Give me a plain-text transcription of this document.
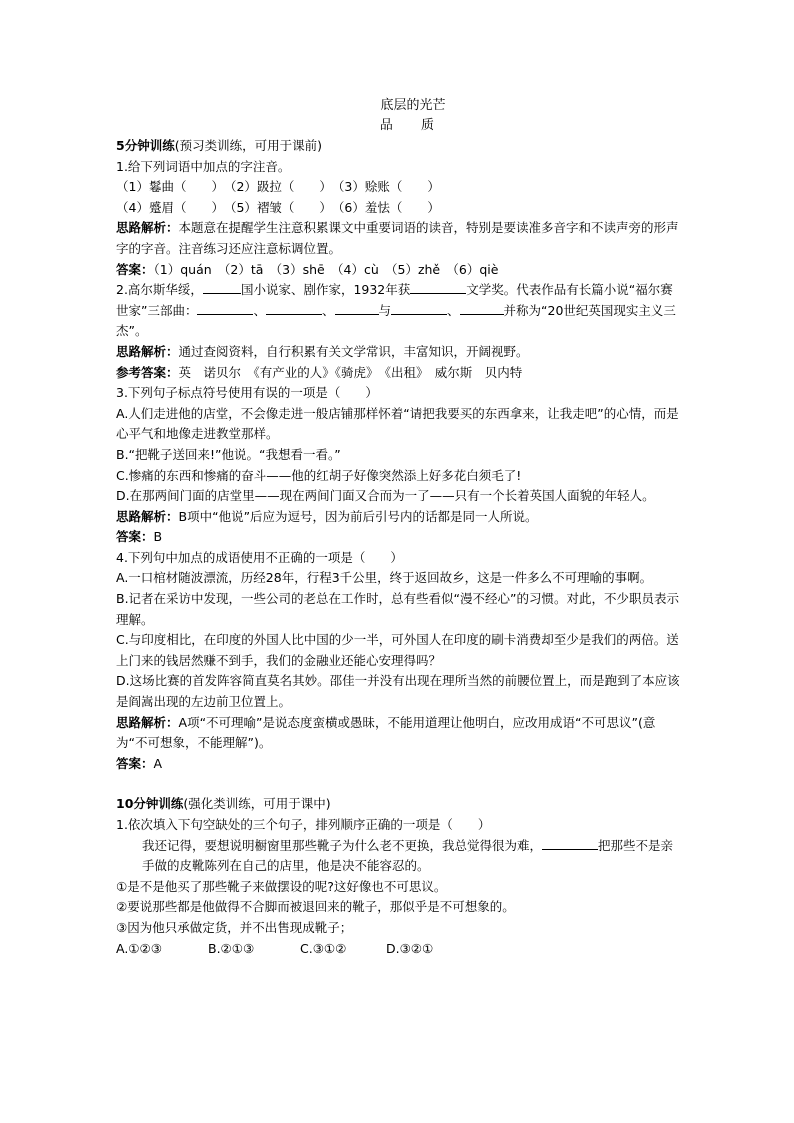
底层的光芒
品 质
5分钟训练(预习类训练，可用于课前)
1.给下列词语中加点的字注音。
（1）鬈曲（　　）　（2）趿拉（　　）　（3）赊账（　　）
（4）蹙眉（　　）　（5）褶皱（　　）　（6）羞怯（　　）
思路解析：本题意在提醒学生注意积累课文中重要词语的读音，特别是要读准多音字和不读声旁的形声字的字音。注音练习还应注意标调位置。
答案：（1）quán　（2）tā　（3）shē　（4）cù　（5）zhě　（6）qiè
2.高尔斯华绥，	国小说家、剧作家，1932年获	文学奖。代表作品有长篇小说“福尔赛世家”三部曲：	、	、	与	、	并称为“20世纪英国现实主义三杰”。
思路解析：通过查阅资料，自行积累有关文学常识，丰富知识，开阔视野。
参考答案：英　诺贝尔　《有产业的人》《骑虎》　《出租》　威尔斯　贝内特
3.下列句子标点符号使用有误的一项是（　　）
A.人们走进他的店堂，不会像走进一般店铺那样怀着“请把我要买的东西拿来，让我走吧”的心情，而是心平气和地像走进教堂那样。
B.“把靴子送回来!”他说。“我想看一看。”
C.惨痛的东西和惨痛的奋斗——他的红胡子好像突然添上好多花白须毛了!
D.在那两间门面的店堂里——现在两间门面又合而为一了——只有一个长着英国人面貌的年轻人。
思路解析：B项中“他说”后应为逗号，因为前后引号内的话都是同一人所说。
答案：B
4.下列句中加点的成语使用不正确的一项是（　　）
A.一口棺材随波漂流，历经28年，行程3千公里，终于返回故乡，这是一件多么不可理喻的事啊。
B.记者在采访中发现，一些公司的老总在工作时，总有些看似“漫不经心”的习惯。对此，不少职员表示理解。
C.与印度相比，在印度的外国人比中国的少一半，可外国人在印度的刷卡消费却至少是我们的两倍。送上门来的钱居然赚不到手，我们的金融业还能心安理得吗？
D.这场比赛的首发阵容简直莫名其妙。邵佳一并没有出现在理所当然的前腰位置上，而是跑到了本应该是阎嵩出现的左边前卫位置上。
思路解析：A项“不可理喻”是说态度蛮横或愚昧，不能用道理让他明白，应改用成语“不可思议”(意为“不可想象，不能理解”)。
答案：A
10分钟训练(强化类训练，可用于课中)
1.依次填入下句空缺处的三个句子，排列顺序正确的一项是（　　）
我还记得，要想说明橱窗里那些靴子为什么老不更换，我总觉得很为难，	把那些不是亲手做的皮靴陈列在自己的店里，他是决不能容忍的。
①是不是他买了那些靴子来做摆设的呢?这好像也不可思议。
②要说那些都是他做得不合脚而被退回来的靴子，那似乎是不可想象的。
③因为他只承做定货，并不出售现成靴子；
A.①②③	B.②①③	C.③①②	D.③②①
